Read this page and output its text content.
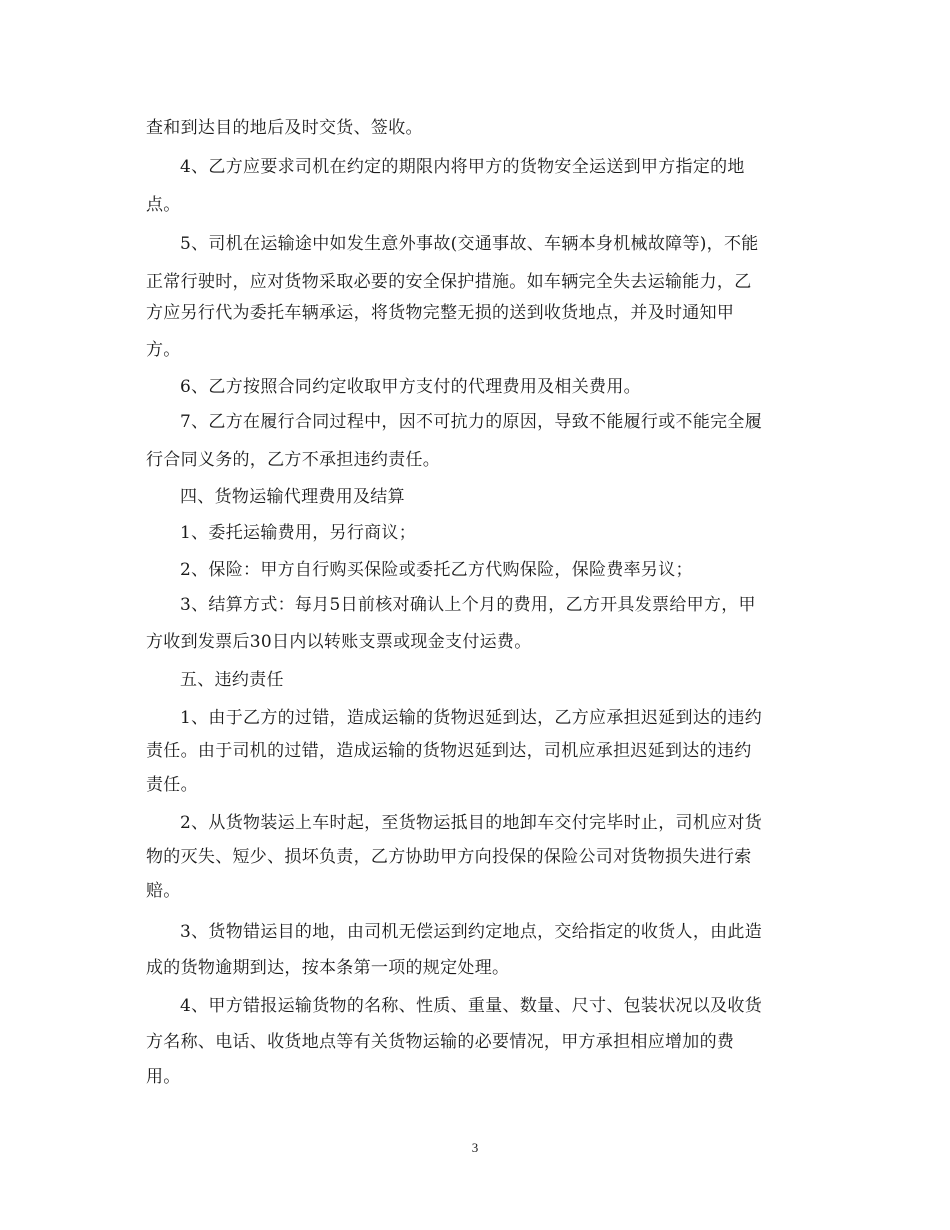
查和到达目的地后及时交货、签收。
4、乙方应要求司机在约定的期限内将甲方的货物安全运送到甲方指定的地
点。
5、司机在运输途中如发生意外事故(交通事故、车辆本身机械故障等)，不能
正常行驶时，应对货物采取必要的安全保护措施。如车辆完全失去运输能力，乙
方应另行代为委托车辆承运，将货物完整无损的送到收货地点，并及时通知甲
方。
6、乙方按照合同约定收取甲方支付的代理费用及相关费用。
7、乙方在履行合同过程中，因不可抗力的原因，导致不能履行或不能完全履
行合同义务的，乙方不承担违约责任。
四、货物运输代理费用及结算
1、委托运输费用，另行商议；
2、保险：甲方自行购买保险或委托乙方代购保险，保险费率另议；
3、结算方式：每月5日前核对确认上个月的费用，乙方开具发票给甲方，甲
方收到发票后30日内以转账支票或现金支付运费。
五、违约责任
1、由于乙方的过错，造成运输的货物迟延到达，乙方应承担迟延到达的违约
责任。由于司机的过错，造成运输的货物迟延到达，司机应承担迟延到达的违约
责任。
2、从货物装运上车时起，至货物运抵目的地卸车交付完毕时止，司机应对货
物的灭失、短少、损坏负责，乙方协助甲方向投保的保险公司对货物损失进行索
赔。
3、货物错运目的地，由司机无偿运到约定地点，交给指定的收货人，由此造
成的货物逾期到达，按本条第一项的规定处理。
4、甲方错报运输货物的名称、性质、重量、数量、尺寸、包装状况以及收货
方名称、电话、收货地点等有关货物运输的必要情况，甲方承担相应增加的费
用。
3
